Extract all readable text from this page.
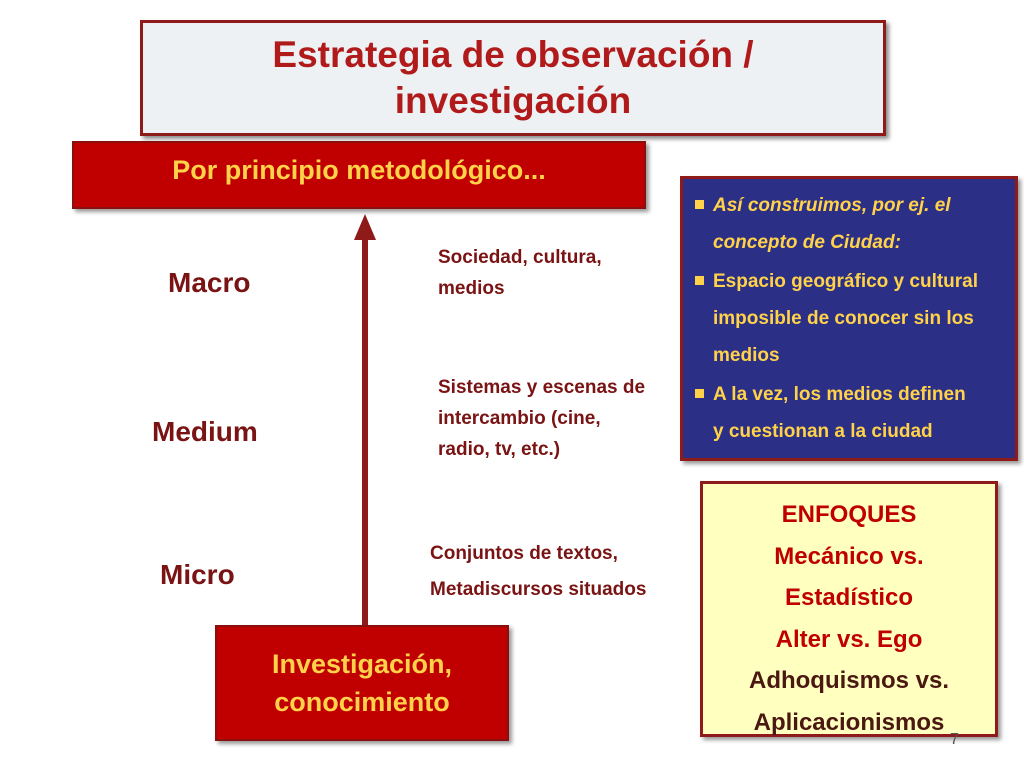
Estrategia de observación /
investigación
Por principio metodológico...
Macro
Medium
Micro
Sociedad, cultura,
medios
Sistemas y escenas de
intercambio (cine,
radio, tv, etc.)
Conjuntos de textos,
Metadiscursos situados
Investigación,
conocimiento
Así construimos, por ej. el
concepto de Ciudad:
Espacio geográfico y cultural
imposible de conocer sin los
medios
A la vez, los medios definen
y cuestionan a la ciudad
ENFOQUES
Mecánico vs.
Estadístico
Alter vs. Ego
Adhoquismos vs.
Aplicacionismos
7
